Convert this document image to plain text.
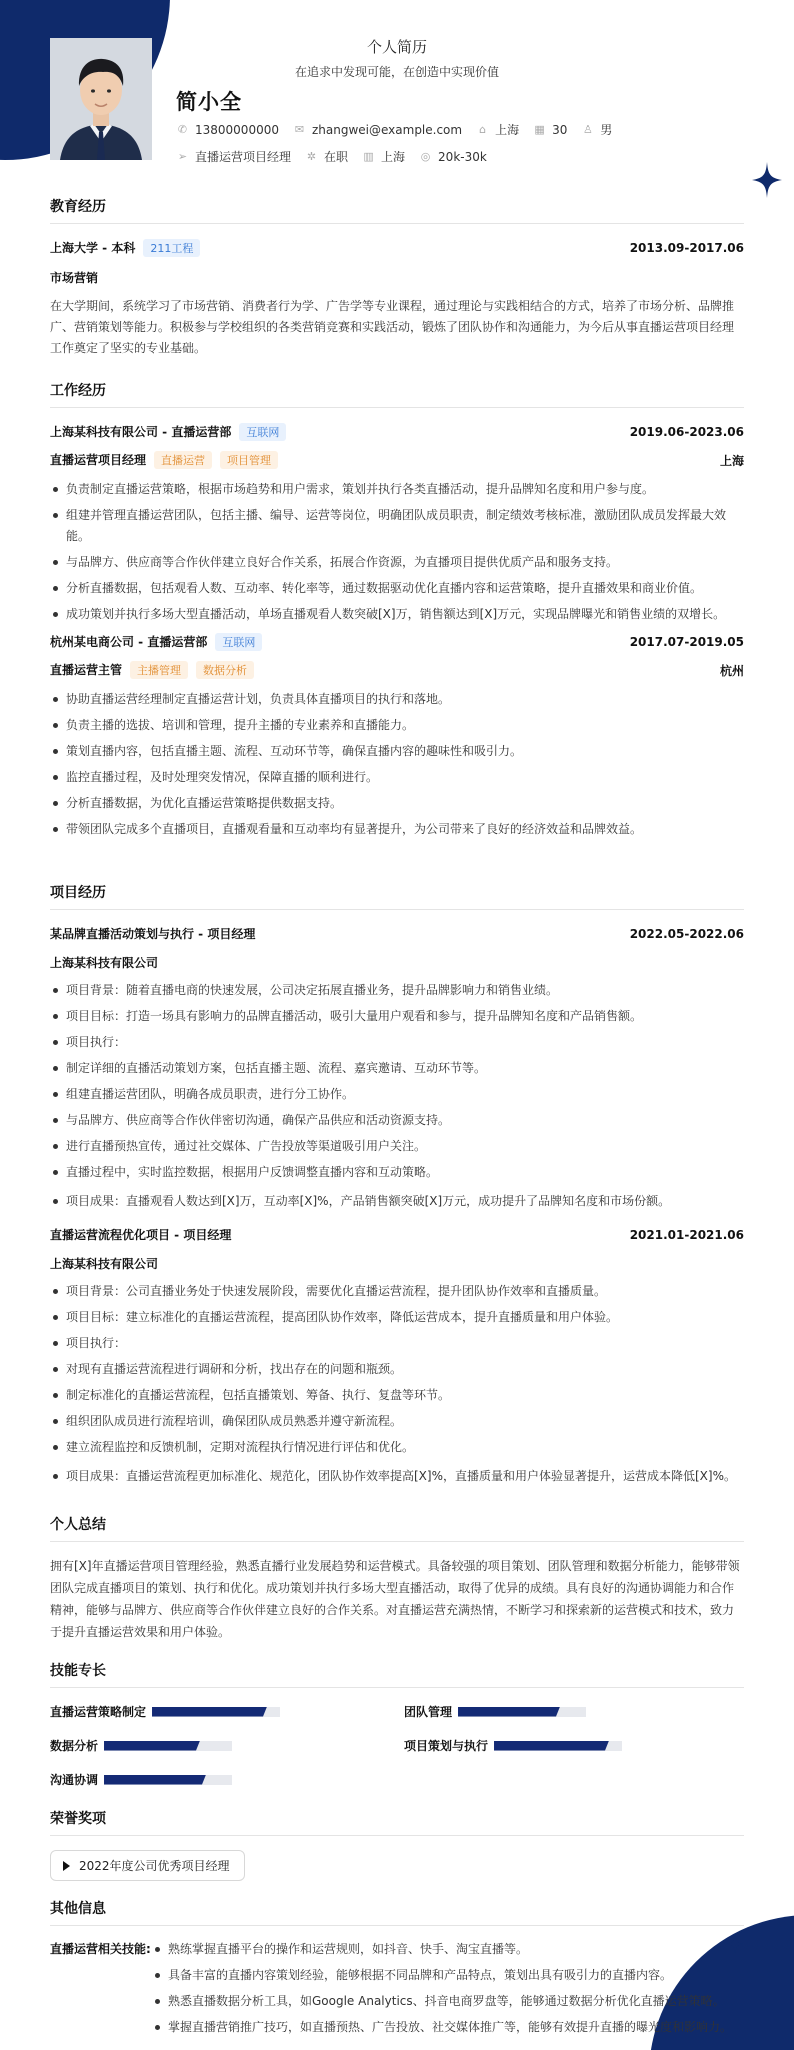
个人简历
在追求中发现可能，在创造中实现价值
简小全
✆ 13800000000 ✉ zhangwei@example.com ⌂ 上海 ▦ 30 ♙ 男
➢ 直播运营项目经理 ✲ 在职 ▥ 上海 ◎ 20k-30k
教育经历
上海大学 - 本科 211工程	2013.09-2017.06
市场营销
在大学期间，系统学习了市场营销、消费者行为学、广告学等专业课程，通过理论与实践相结合的方式，培养了市场分析、品牌推广、营销策划等能力。积极参与学校组织的各类营销竞赛和实践活动，锻炼了团队协作和沟通能力，为今后从事直播运营项目经理工作奠定了坚实的专业基础。
工作经历
上海某科技有限公司 - 直播运营部 互联网	2019.06-2023.06
直播运营项目经理 直播运营 项目管理	上海
负责制定直播运营策略，根据市场趋势和用户需求，策划并执行各类直播活动，提升品牌知名度和用户参与度。
组建并管理直播运营团队，包括主播、编导、运营等岗位，明确团队成员职责，制定绩效考核标准，激励团队成员发挥最大效能。
与品牌方、供应商等合作伙伴建立良好合作关系，拓展合作资源，为直播项目提供优质产品和服务支持。
分析直播数据，包括观看人数、互动率、转化率等，通过数据驱动优化直播内容和运营策略，提升直播效果和商业价值。
成功策划并执行多场大型直播活动，单场直播观看人数突破[X]万，销售额达到[X]万元，实现品牌曝光和销售业绩的双增长。
杭州某电商公司 - 直播运营部 互联网	2017.07-2019.05
直播运营主管 主播管理 数据分析	杭州
协助直播运营经理制定直播运营计划，负责具体直播项目的执行和落地。
负责主播的选拔、培训和管理，提升主播的专业素养和直播能力。
策划直播内容，包括直播主题、流程、互动环节等，确保直播内容的趣味性和吸引力。
监控直播过程，及时处理突发情况，保障直播的顺利进行。
分析直播数据，为优化直播运营策略提供数据支持。
带领团队完成多个直播项目，直播观看量和互动率均有显著提升，为公司带来了良好的经济效益和品牌效益。
项目经历
某品牌直播活动策划与执行 - 项目经理	2022.05-2022.06
上海某科技有限公司
项目背景：随着直播电商的快速发展，公司决定拓展直播业务，提升品牌影响力和销售业绩。
项目目标：打造一场具有影响力的品牌直播活动，吸引大量用户观看和参与，提升品牌知名度和产品销售额。
项目执行：
制定详细的直播活动策划方案，包括直播主题、流程、嘉宾邀请、互动环节等。
组建直播运营团队，明确各成员职责，进行分工协作。
与品牌方、供应商等合作伙伴密切沟通，确保产品供应和活动资源支持。
进行直播预热宣传，通过社交媒体、广告投放等渠道吸引用户关注。
直播过程中，实时监控数据，根据用户反馈调整直播内容和互动策略。
项目成果：直播观看人数达到[X]万，互动率[X]%，产品销售额突破[X]万元，成功提升了品牌知名度和市场份额。
直播运营流程优化项目 - 项目经理	2021.01-2021.06
上海某科技有限公司
项目背景：公司直播业务处于快速发展阶段，需要优化直播运营流程，提升团队协作效率和直播质量。
项目目标：建立标准化的直播运营流程，提高团队协作效率，降低运营成本，提升直播质量和用户体验。
项目执行：
对现有直播运营流程进行调研和分析，找出存在的问题和瓶颈。
制定标准化的直播运营流程，包括直播策划、筹备、执行、复盘等环节。
组织团队成员进行流程培训，确保团队成员熟悉并遵守新流程。
建立流程监控和反馈机制，定期对流程执行情况进行评估和优化。
项目成果：直播运营流程更加标准化、规范化，团队协作效率提高[X]%，直播质量和用户体验显著提升，运营成本降低[X]%。
个人总结
拥有[X]年直播运营项目管理经验，熟悉直播行业发展趋势和运营模式。具备较强的项目策划、团队管理和数据分析能力，能够带领团队完成直播项目的策划、执行和优化。成功策划并执行多场大型直播活动，取得了优异的成绩。具有良好的沟通协调能力和合作精神，能够与品牌方、供应商等合作伙伴建立良好的合作关系。对直播运营充满热情，不断学习和探索新的运营模式和技术，致力于提升直播运营效果和用户体验。
技能专长
直播运营策略制定	团队管理
数据分析	项目策划与执行
沟通协调
荣誉奖项
2022年度公司优秀项目经理
其他信息
直播运营相关技能:	熟练掌握直播平台的操作和运营规则，如抖音、快手、淘宝直播等。
具备丰富的直播内容策划经验，能够根据不同品牌和产品特点，策划出具有吸引力的直播内容。
熟悉直播数据分析工具，如Google Analytics、抖音电商罗盘等，能够通过数据分析优化直播运营策略。
掌握直播营销推广技巧，如直播预热、广告投放、社交媒体推广等，能够有效提升直播的曝光度和影响力。
